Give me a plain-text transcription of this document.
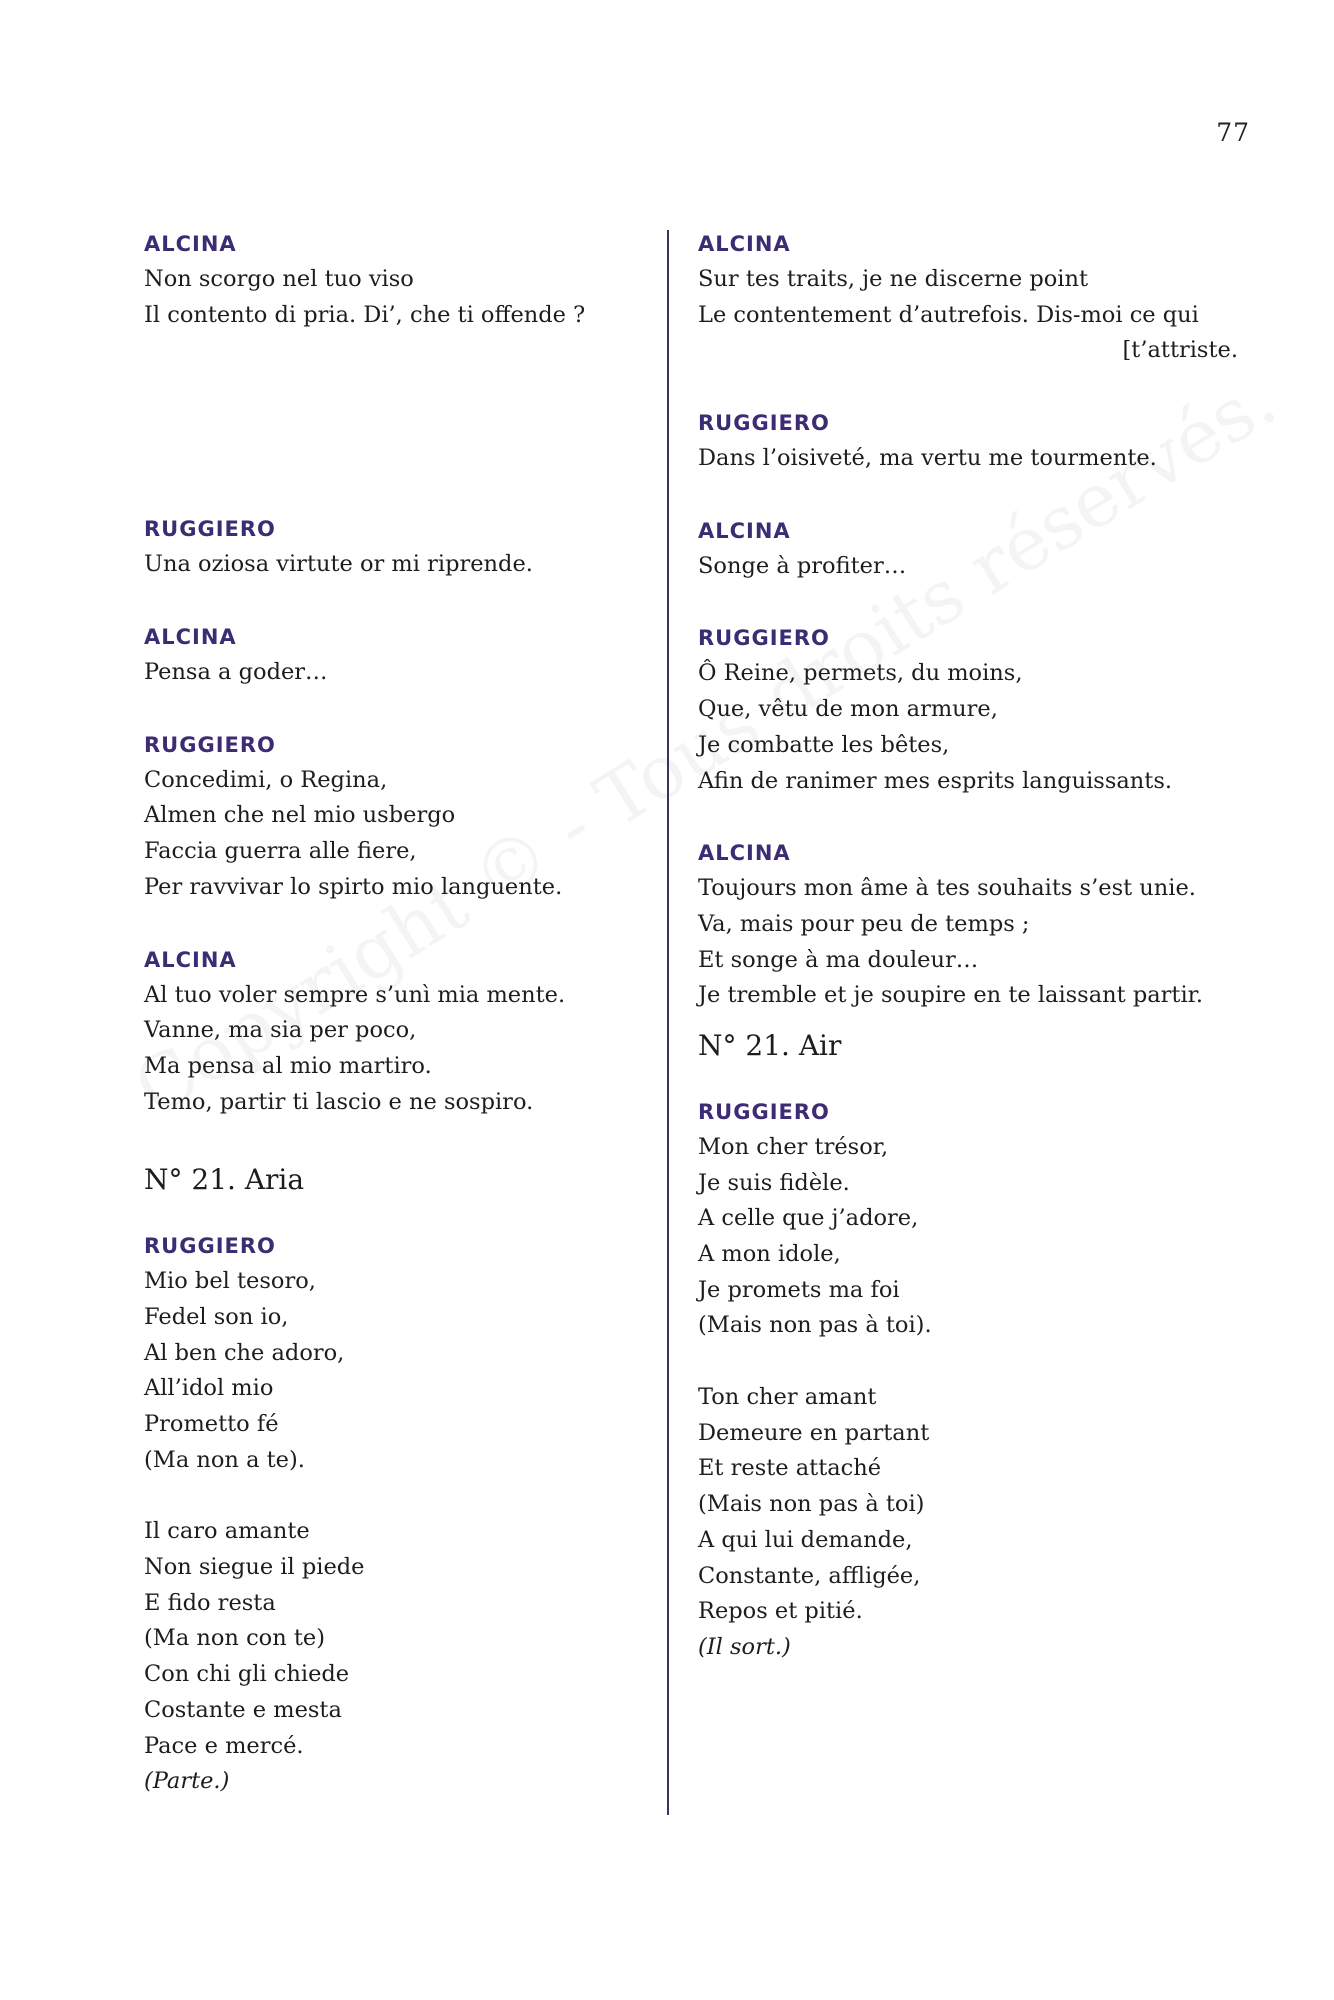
77
ALCINA
Non scorgo nel tuo viso
Il contento di pria. Di’, che ti offende ?
RUGGIERO
Una oziosa virtute or mi riprende.
ALCINA
Pensa a goder…
RUGGIERO
Concedimi, o Regina,
Almen che nel mio usbergo
Faccia guerra alle fiere,
Per ravvivar lo spirto mio languente.
ALCINA
Al tuo voler sempre s’unì mia mente.
Vanne, ma sia per poco,
Ma pensa al mio martiro.
Temo, partir ti lascio e ne sospiro.
N° 21. Aria
RUGGIERO
Mio bel tesoro,
Fedel son io,
Al ben che adoro,
All’idol mio
Prometto fé
(Ma non a te).
Il caro amante
Non siegue il piede
E fido resta
(Ma non con te)
Con chi gli chiede
Costante e mesta
Pace e mercé.
(Parte.)
ALCINA
Sur tes traits, je ne discerne point
Le contentement d’autrefois. Dis-moi ce qui
[t’attriste.
RUGGIERO
Dans l’oisiveté, ma vertu me tourmente.
ALCINA
Songe à profiter…
RUGGIERO
Ô Reine, permets, du moins,
Que, vêtu de mon armure,
Je combatte les bêtes,
Afin de ranimer mes esprits languissants.
ALCINA
Toujours mon âme à tes souhaits s’est unie.
Va, mais pour peu de temps ;
Et songe à ma douleur…
Je tremble et je soupire en te laissant partir.
N° 21. Air
RUGGIERO
Mon cher trésor,
Je suis fidèle.
A celle que j’adore,
A mon idole,
Je promets ma foi
(Mais non pas à toi).
Ton cher amant
Demeure en partant
Et reste attaché
(Mais non pas à toi)
A qui lui demande,
Constante, affligée,
Repos et pitié.
(Il sort.)
